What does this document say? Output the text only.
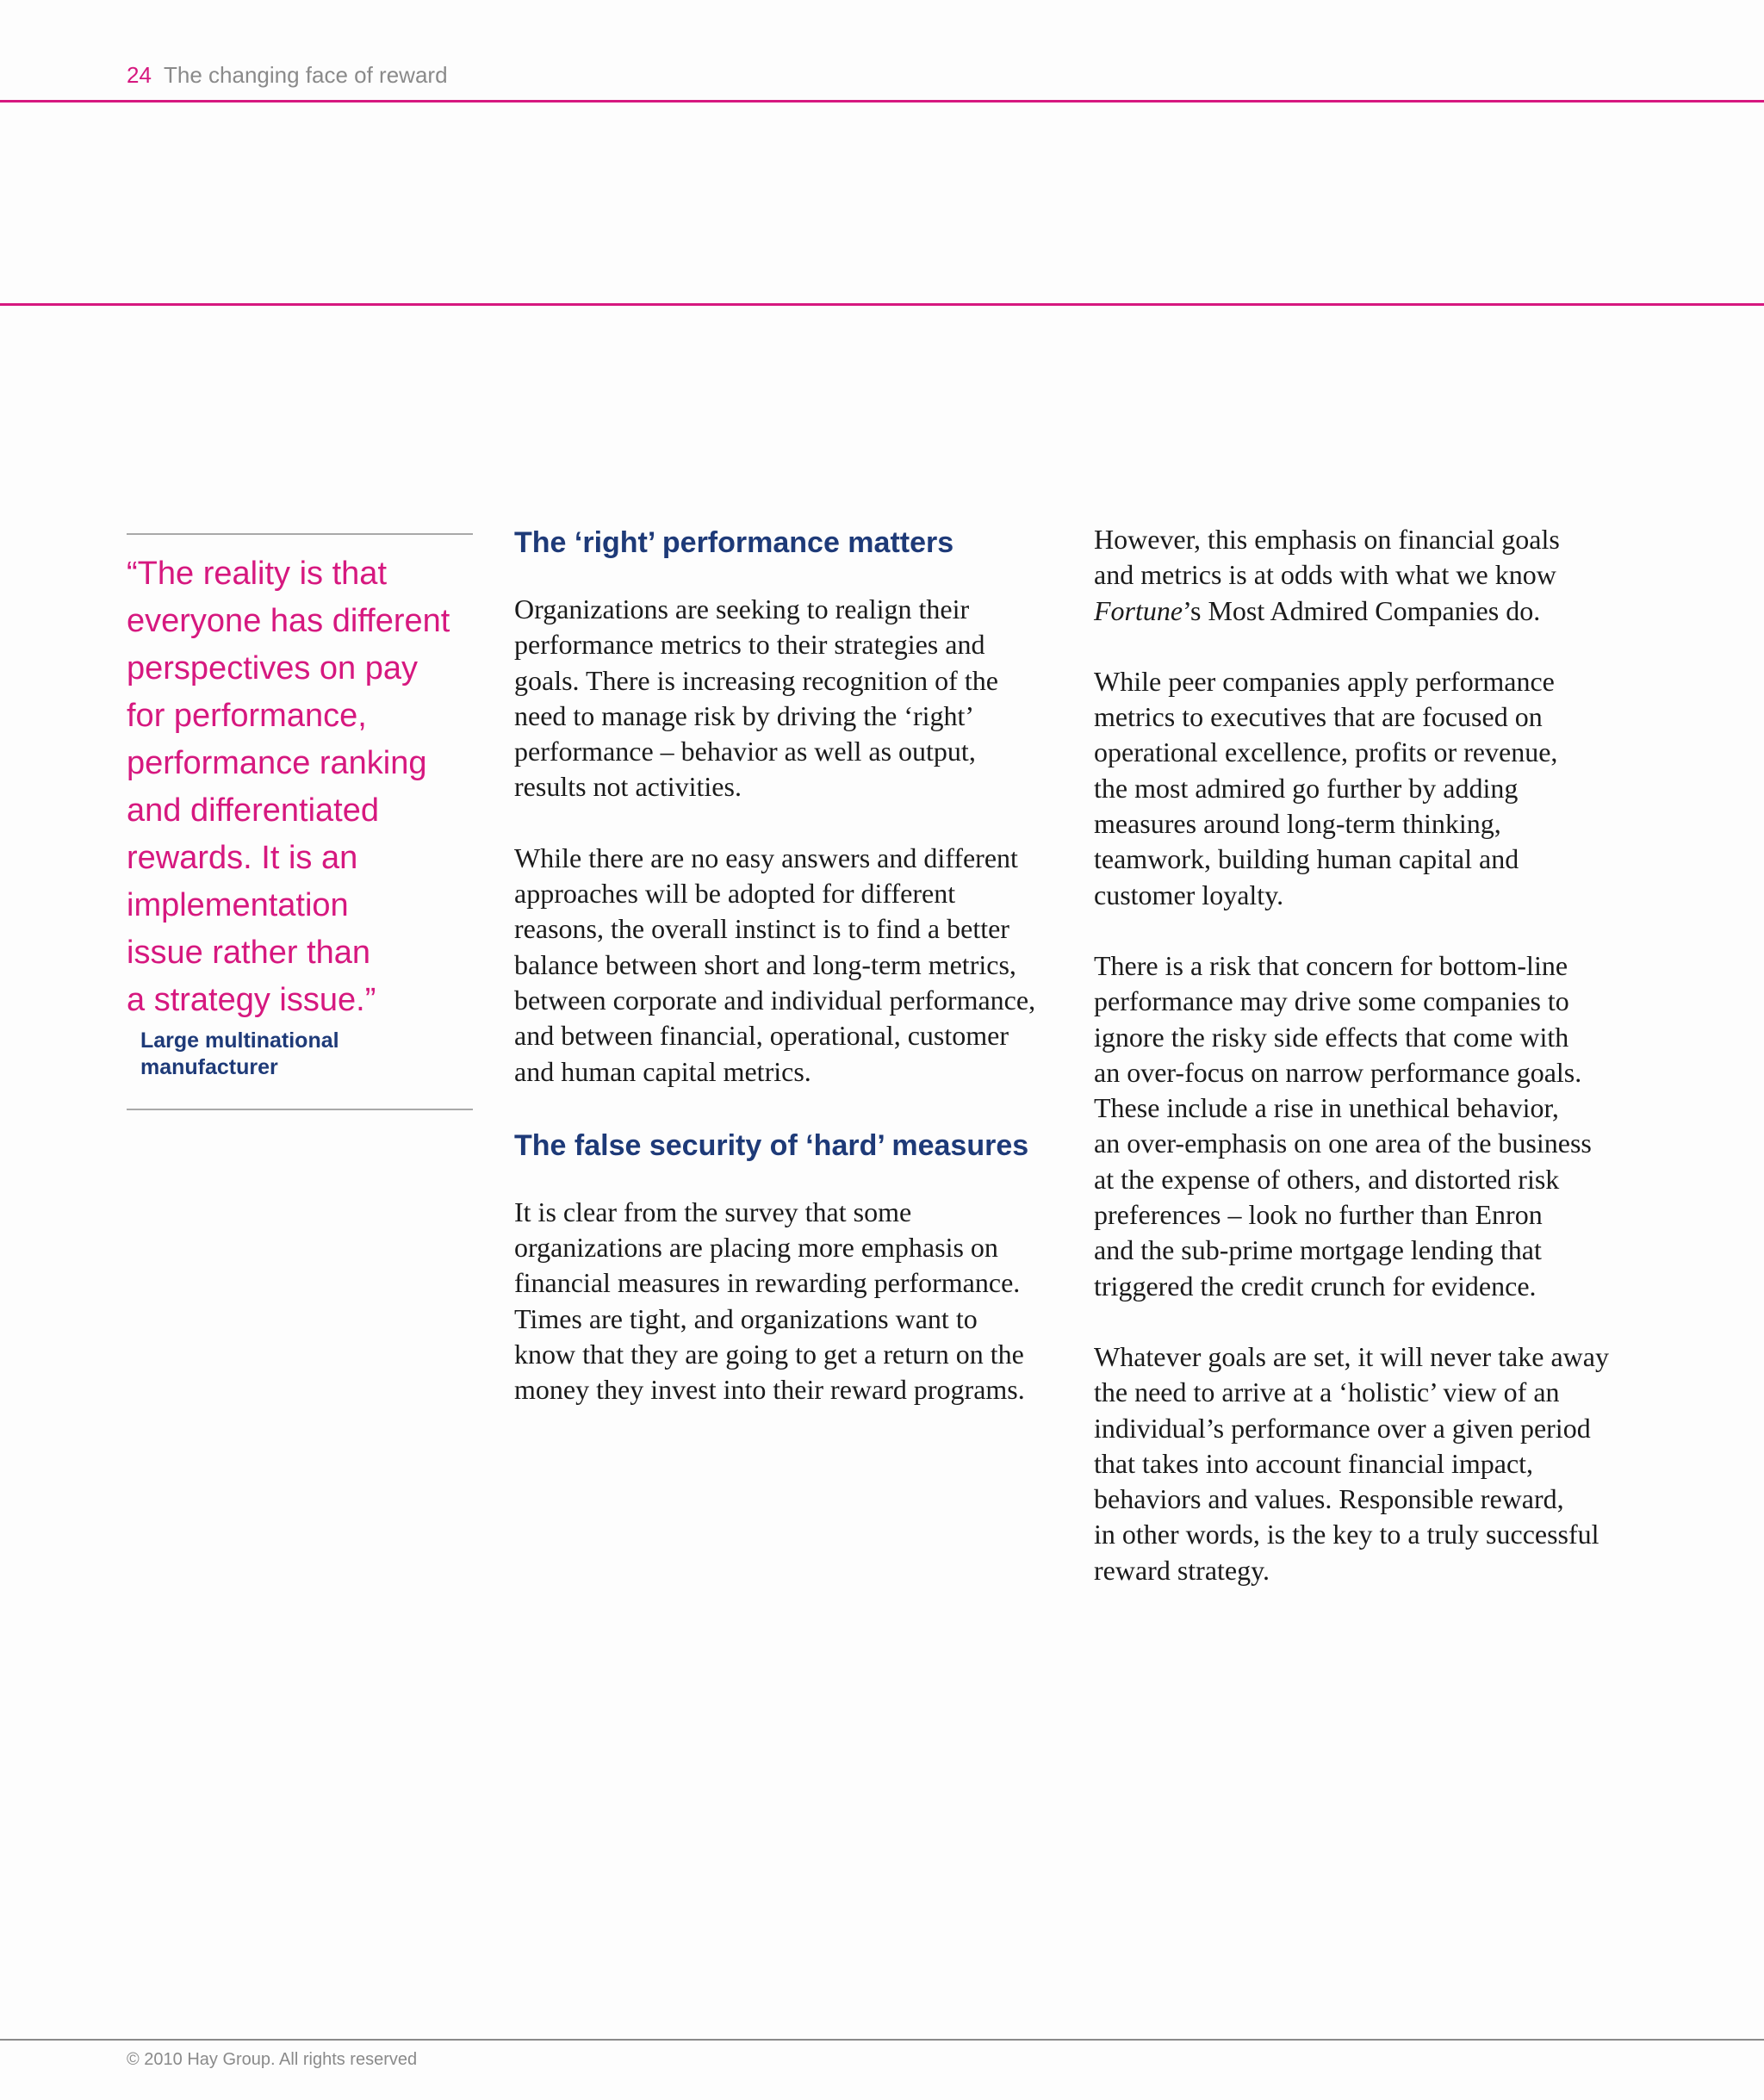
24 The changing face of reward

“The reality is that
everyone has different
perspectives on pay
for performance,
performance ranking
and differentiated
rewards. It is an
implementation
issue rather than
a strategy issue.”

Large multinational
manufacturer

The ‘right’ performance matters

Organizations are seeking to realign their
performance metrics to their strategies and
goals. There is increasing recognition of the
need to manage risk by driving the ‘right’
performance – behavior as well as output,
results not activities.

While there are no easy answers and different
approaches will be adopted for different
reasons, the overall instinct is to find a better
balance between short and long-term metrics,
between corporate and individual performance,
and between financial, operational, customer
and human capital metrics.

The false security of ‘hard’ measures

It is clear from the survey that some
organizations are placing more emphasis on
financial measures in rewarding performance.
Times are tight, and organizations want to
know that they are going to get a return on the
money they invest into their reward programs.

However, this emphasis on financial goals
and metrics is at odds with what we know
Fortune’s Most Admired Companies do.

While peer companies apply performance
metrics to executives that are focused on
operational excellence, profits or revenue,
the most admired go further by adding
measures around long-term thinking,
teamwork, building human capital and
customer loyalty.

There is a risk that concern for bottom-line
performance may drive some companies to
ignore the risky side effects that come with
an over-focus on narrow performance goals.
These include a rise in unethical behavior,
an over-emphasis on one area of the business
at the expense of others, and distorted risk
preferences – look no further than Enron
and the sub-prime mortgage lending that
triggered the credit crunch for evidence.

Whatever goals are set, it will never take away
the need to arrive at a ‘holistic’ view of an
individual’s performance over a given period
that takes into account financial impact,
behaviors and values. Responsible reward,
in other words, is the key to a truly successful
reward strategy.

© 2010 Hay Group. All rights reserved
